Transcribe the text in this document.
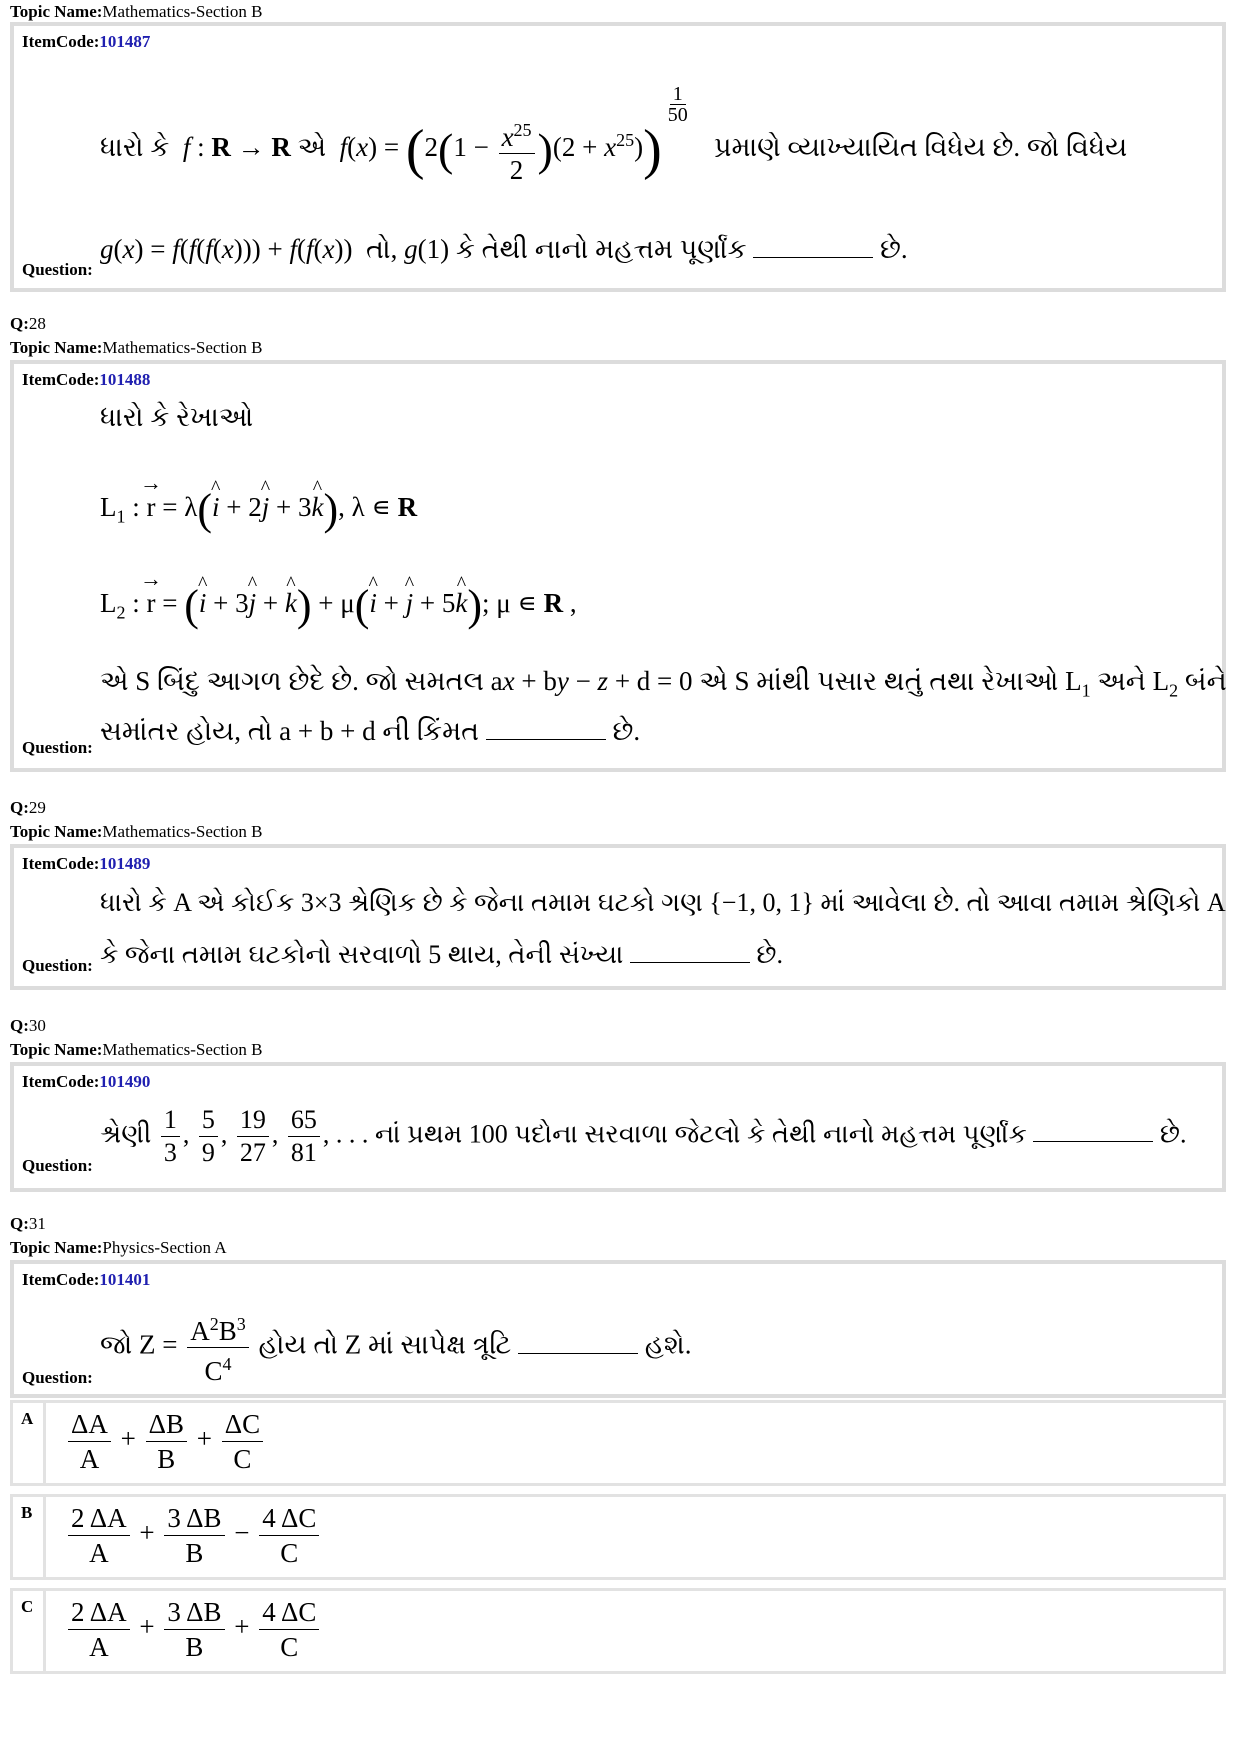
Topic Name:Mathematics-Section B
ItemCode:101487
ધારો કે f : R → R એ $f(x) = (2(1 - \frac{x^{25}}{2} )(2 + x^{25}))$
$^{\frac{1}{50}}$
પ્રમાણે વ્યાખ્યાયિત વિધેય છે. જો વિધેય
Question:
g(x) = f(f(f(x))) + f(f(x))  તો, g(1) કે તેથી નાનો મહત્તમ પૂર્ણાંક	છે.
Q:28
Topic Name:Mathematics-Section B
ItemCode:101488
ધારો કે રેખાઓ
$L_1$ : → r = λ(^ i + 2^ j + 3^ k), λ ∊ R
$L_2$ : → r = (^ i + 3^ j + ^ k) + μ(^ i + ^ j + 5^ k); μ ∊ R ,
એ S બિંદુ આગળ છેદે છે. જો સમતલ ax + by − z + d = 0 એ S માંથી પસાર થતું તથા રેખાઓ $L_1$ અને $L_2$ બંને
Question:
સમાંતર હોય, તો a + b + d ની કિંમત	છે.
Q:29
Topic Name:Mathematics-Section B
ItemCode:101489
ધારો કે A એ કોઈક 3×3 શ્રેણિક છે કે જેના તમામ ઘટકો ગણ {−1, 0, 1} માં આવેલા છે. તો આવા તમામ શ્રેણિકો A
Question: કે જેના તમામ ઘટકોનો સરવાળો 5 થાય, તેની સંખ્યા	છે.
Q:30
Topic Name:Mathematics-Section B
ItemCode:101490
શ્રેણી $\frac{1}{3}$ , $\frac{5}{9}$ , $\frac{19}{27}$ , $\frac{65}{81}$ , . . . નાં પ્રથમ 100 પદોના સરવાળા જેટલો કે તેથી નાનો મહત્તમ પૂર્ણાંક	છે.
Question:
Q:31
Topic Name:Physics-Section A
ItemCode:101401
જો $Z = \frac{A^2B^3}{C^4}$ હોય તો Z માં સાપેક્ષ ત્રૂટિ	હશે.
Question:
A $\frac{\Delta A}{A} + \frac{\Delta B}{B} + \frac{\Delta C}{C}$
B $\frac{2 \Delta A}{A} + \frac{3 \Delta B}{B} - \frac{4 \Delta C}{C}$
C $\frac{2 \Delta A}{A} + \frac{3 \Delta B}{B} + \frac{4 \Delta C}{C}$
